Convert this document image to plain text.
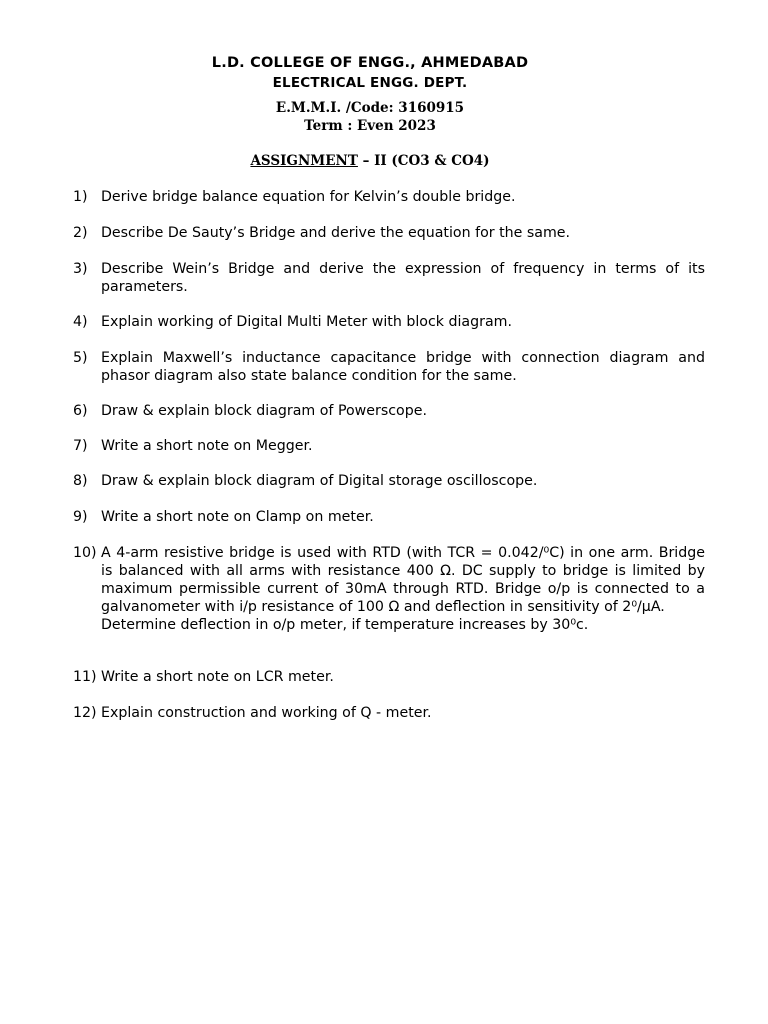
L.D. COLLEGE OF ENGG., AHMEDABAD
ELECTRICAL ENGG. DEPT.
E.M.M.I. /Code: 3160915
Term : Even 2023
ASSIGNMENT – II (CO3 & CO4)
1) Derive bridge balance equation for Kelvin’s double bridge.
2) Describe De Sauty’s Bridge and derive the equation for the same.
3) Describe Wein’s Bridge and derive the expression of frequency in terms of its parameters.
4) Explain working of Digital Multi Meter with block diagram.
5) Explain Maxwell’s inductance capacitance bridge with connection diagram and phasor diagram also state balance condition for the same.
6) Draw & explain block diagram of Powerscope.
7) Write a short note on Megger.
8) Draw & explain block diagram of Digital storage oscilloscope.
9) Write a short note on Clamp on meter.
10) A 4-arm resistive bridge is used with RTD (with TCR = 0.042/⁰C) in one arm. Bridge is balanced with all arms with resistance 400 Ω. DC supply to bridge is limited by maximum permissible current of 30mA through RTD. Bridge o/p is connected to a galvanometer with i/p resistance of 100 Ω and deflection in sensitivity of 2⁰/μA.
Determine deflection in o/p meter, if temperature increases by 30⁰c.
11) Write a short note on LCR meter.
12) Explain construction and working of Q - meter.
